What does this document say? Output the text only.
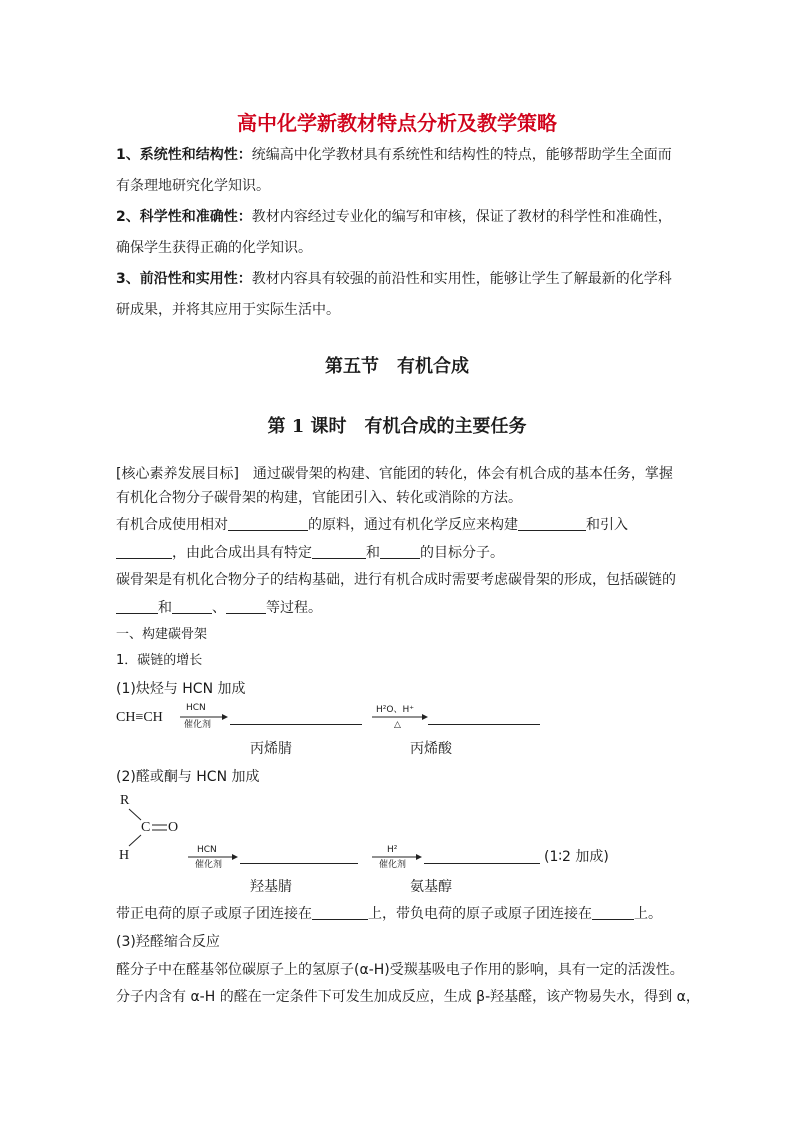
高中化学新教材特点分析及教学策略
1、系统性和结构性：统编高中化学教材具有系统性和结构性的特点，能够帮助学生全面而
有条理地研究化学知识。
2、科学性和准确性：教材内容经过专业化的编写和审核，保证了教材的科学性和准确性，
确保学生获得正确的化学知识。
3、前沿性和实用性：教材内容具有较强的前沿性和实用性，能够让学生了解最新的化学科
研成果，并将其应用于实际生活中。
第五节　有机合成
第 1 课时　有机合成的主要任务
[核心素养发展目标]　通过碳骨架的构建、官能团的转化，体会有机合成的基本任务，掌握
有机化合物分子碳骨架的构建，官能团引入、转化或消除的方法。
有机合成使用相对	的原料，通过有机化学反应来构建	和引入
，由此合成出具有特定	和	的目标分子。
碳骨架是有机化合物分子的结构基础，进行有机合成时需要考虑碳骨架的形成，包括碳链的
和	、	等过程。
一、构建碳骨架
1．碳链的增长
(1)炔烃与 HCN 加成
CH≡CH
HCN
催化剂
H²O、H⁺
△
丙烯腈	丙烯酸
(2)醛或酮与 HCN 加成
R
C O
H	HCN
催化剂
H²
催化剂	(1∶2 加成)
羟基腈	氨基醇
带正电荷的原子或原子团连接在	上，带负电荷的原子或原子团连接在	上。
(3)羟醛缩合反应
醛分子中在醛基邻位碳原子上的氢原子(α-H)受羰基吸电子作用的影响，具有一定的活泼性。
分子内含有 α-H 的醛在一定条件下可发生加成反应，生成 β-羟基醛，该产物易失水，得到 α，
